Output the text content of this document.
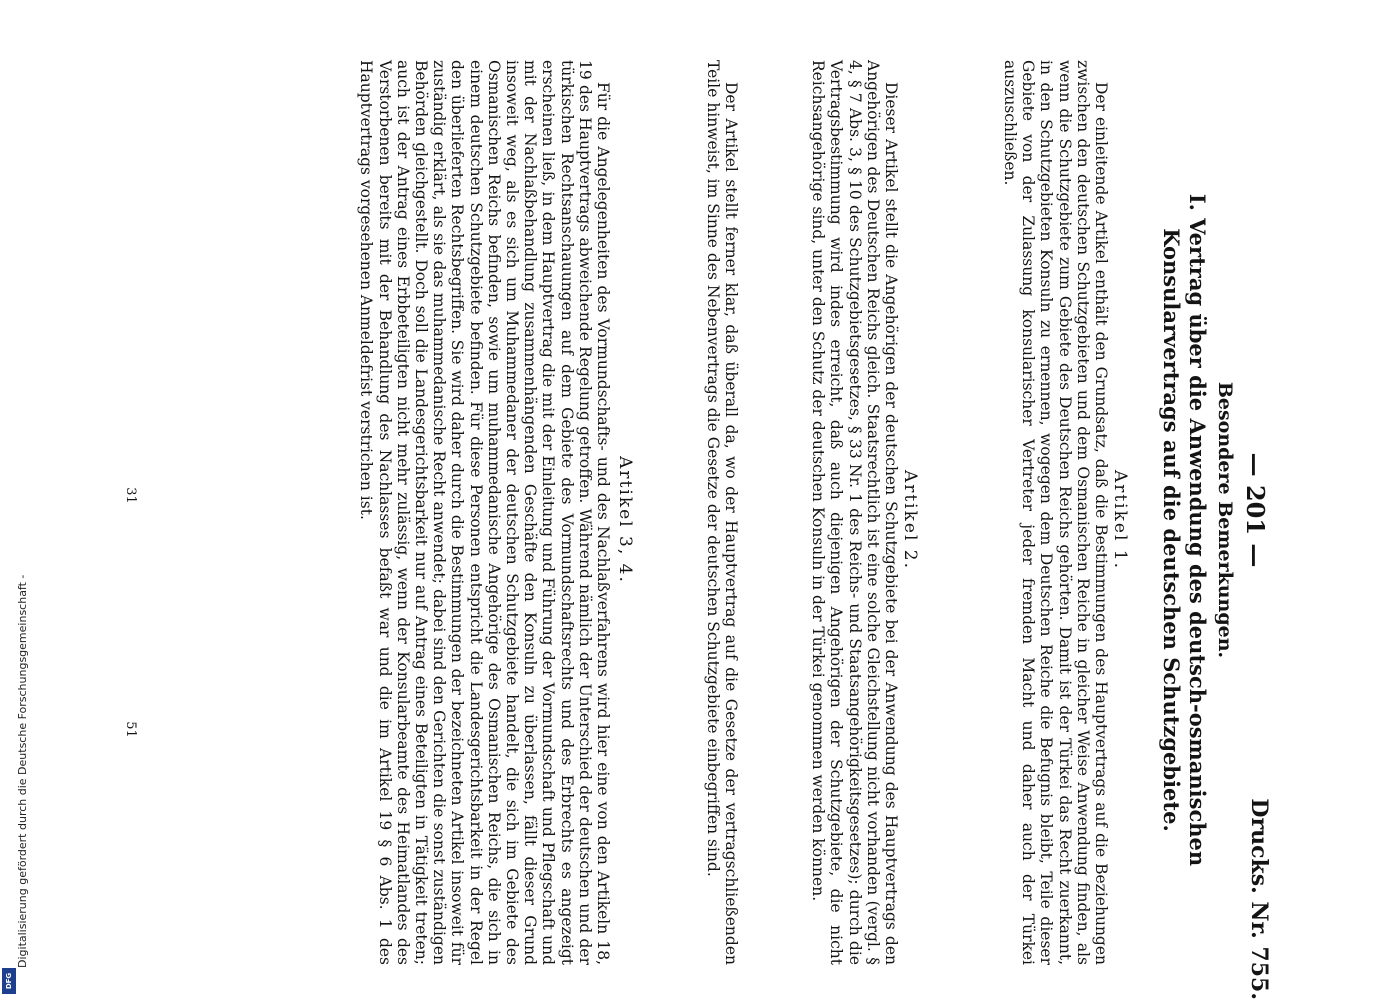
— 201 —
Drucks. Nr. 755.
Besondere Bemerkungen.
I. Vertrag über die Anwendung des deutsch-osmanischen
Konsularvertrags auf die deutschen Schutzgebiete.
Artikel 1.
Der einleitende Artikel enthält den Grundsatz, daß die Bestimmungen des Hauptvertrags auf die Beziehungen zwischen den deutschen Schutzgebieten und dem Osmanischen Reiche in gleicher Weise Anwendung finden, als wenn die Schutzgebiete zum Gebiete des Deutschen Reichs gehörten. Damit ist der Türkei das Recht zuerkannt, in den Schutzgebieten Konsuln zu ernennen, wogegen dem Deutschen Reiche die Befugnis bleibt, Teile dieser Gebiete von der Zulassung konsularischer Vertreter jeder fremden Macht und daher auch der Türkei auszuschließen.
Artikel 2.
Dieser Artikel stellt die Angehörigen der deutschen Schutzgebiete bei der Anwendung des Hauptvertrags den Angehörigen des Deutschen Reichs gleich. Staatsrechtlich ist eine solche Gleichstellung nicht vorhanden (vergl. § 4, § 7 Abs. 3, § 10 des Schutzgebietsgesetzes, § 33 Nr. 1 des Reichs- und Staatsangehörigkeitsgesetzes); durch die Vertragsbestimmung wird indes erreicht, daß auch diejenigen Angehörigen der Schutzgebiete, die nicht Reichsangehörige sind, unter den Schutz der deutschen Konsuln in der Türkei genommen werden können.
Der Artikel stellt ferner klar, daß überall da, wo der Hauptvertrag auf die Gesetze der vertragschließenden Teile hinweist, im Sinne des Nebenvertrags die Gesetze der deutschen Schutzgebiete einbegriffen sind.
Artikel 3, 4.
Für die Angelegenheiten des Vormundschafts- und des Nachlaßverfahrens wird hier eine von den Artikeln 18, 19 des Hauptvertrags abweichende Regelung getroffen. Während nämlich der Unterschied der deutschen und der türkischen Rechtsanschauungen auf dem Gebiete des Vormundschaftsrechts und des Erbrechts es angezeigt erscheinen ließ, in dem Hauptvertrag die mit der Einleitung und Führung der Vormundschaft und Pflegschaft und mit der Nachlaßbehandlung zusammenhängenden Geschäfte den Konsuln zu überlassen, fällt dieser Grund insoweit weg, als es sich um Muhammedaner der deutschen Schutzgebiete handelt, die sich im Gebiete des Osmanischen Reichs befinden, sowie um muhammedanische Angehörige des Osmanischen Reichs, die sich in einem deutschen Schutzgebiete befinden. Für diese Personen entspricht die Landesgerichtsbarkeit in der Regel den überlieferten Rechtsbegriffen. Sie wird daher durch die Bestimmungen der bezeichneten Artikel insoweit für zuständig erklärt, als sie das muhammedanische Recht anwendet; dabei sind den Gerichten die sonst zuständigen Behörden gleichgestellt. Doch soll die Landesgerichtsbarkeit nur auf Antrag eines Beteiligten in Tätigkeit treten; auch ist der Antrag eines Erbbeteiligten nicht mehr zulässig, wenn der Konsularbeamte des Heimatlandes des Verstorbenen bereits mit der Behandlung des Nachlasses befaßt war und die im Artikel 19 § 6 Abs. 1 des Hauptvertrags vorgesehenen Anmeldefrist verstrichen ist.
31
51
Digitalisierung gefördert durch die Deutsche Forschungsgemeinschaft -
DFG
